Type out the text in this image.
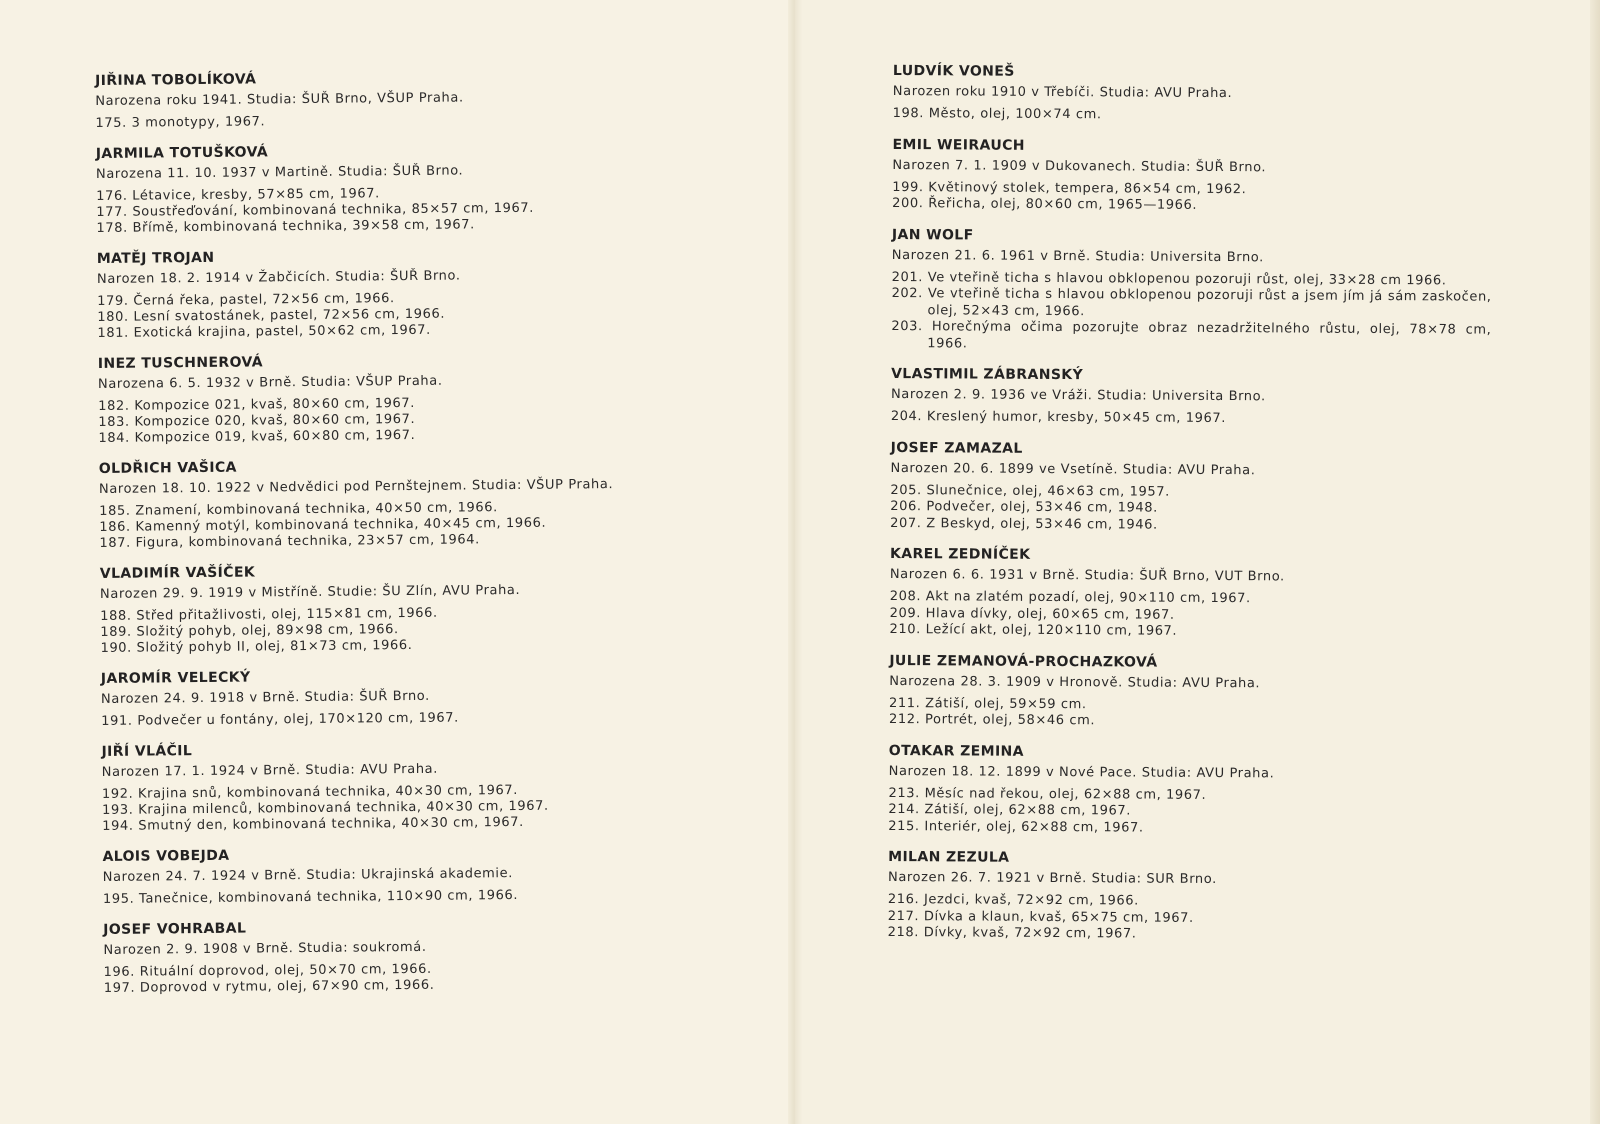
JIŘINA TOBOLÍKOVÁ
Narozena roku 1941. Studia: ŠUŘ Brno, VŠUP Praha.
175. 3 monotypy, 1967.
JARMILA TOTUŠKOVÁ
Narozena 11. 10. 1937 v Martině. Studia: ŠUŘ Brno.
176. Létavice, kresby, 57×85 cm, 1967.
177. Soustřeďování, kombinovaná technika, 85×57 cm, 1967.
178. Břímě, kombinovaná technika, 39×58 cm, 1967.
MATĚJ TROJAN
Narozen 18. 2. 1914 v Žabčicích. Studia: ŠUŘ Brno.
179. Černá řeka, pastel, 72×56 cm, 1966.
180. Lesní svatostánek, pastel, 72×56 cm, 1966.
181. Exotická krajina, pastel, 50×62 cm, 1967.
INEZ TUSCHNEROVÁ
Narozena 6. 5. 1932 v Brně. Studia: VŠUP Praha.
182. Kompozice 021, kvaš, 80×60 cm, 1967.
183. Kompozice 020, kvaš, 80×60 cm, 1967.
184. Kompozice 019, kvaš, 60×80 cm, 1967.
OLDŘICH VAŠICA
Narozen 18. 10. 1922 v Nedvědici pod Pernštejnem. Studia: VŠUP Praha.
185. Znamení, kombinovaná technika, 40×50 cm, 1966.
186. Kamenný motýl, kombinovaná technika, 40×45 cm, 1966.
187. Figura, kombinovaná technika, 23×57 cm, 1964.
VLADIMÍR VAŠÍČEK
Narozen 29. 9. 1919 v Mistříně. Studie: ŠU Zlín, AVU Praha.
188. Střed přitažlivosti, olej, 115×81 cm, 1966.
189. Složitý pohyb, olej, 89×98 cm, 1966.
190. Složitý pohyb II, olej, 81×73 cm, 1966.
JAROMÍR VELECKÝ
Narozen 24. 9. 1918 v Brně. Studia: ŠUŘ Brno.
191. Podvečer u fontány, olej, 170×120 cm, 1967.
JIŘÍ VLÁČIL
Narozen 17. 1. 1924 v Brně. Studia: AVU Praha.
192. Krajina snů, kombinovaná technika, 40×30 cm, 1967.
193. Krajina milenců, kombinovaná technika, 40×30 cm, 1967.
194. Smutný den, kombinovaná technika, 40×30 cm, 1967.
ALOIS VOBEJDA
Narozen 24. 7. 1924 v Brně. Studia: Ukrajinská akademie.
195. Tanečnice, kombinovaná technika, 110×90 cm, 1966.
JOSEF VOHRABAL
Narozen 2. 9. 1908 v Brně. Studia: soukromá.
196. Rituální doprovod, olej, 50×70 cm, 1966.
197. Doprovod v rytmu, olej, 67×90 cm, 1966.
LUDVÍK VONEŠ
Narozen roku 1910 v Třebíči. Studia: AVU Praha.
198. Město, olej, 100×74 cm.
EMIL WEIRAUCH
Narozen 7. 1. 1909 v Dukovanech. Studia: ŠUŘ Brno.
199. Květinový stolek, tempera, 86×54 cm, 1962.
200. Řeřicha, olej, 80×60 cm, 1965—1966.
JAN WOLF
Narozen 21. 6. 1961 v Brně. Studia: Universita Brno.
201. Ve vteřině ticha s hlavou obklopenou pozoruji růst, olej, 33×28 cm 1966.
202. Ve vteřině ticha s hlavou obklopenou pozoruji růst a jsem jím já sám zaskočen, olej, 52×43 cm, 1966.
203. Horečnýma očima pozorujte obraz nezadržitelného růstu, olej, 78×78 cm, 1966.
VLASTIMIL ZÁBRANSKÝ
Narozen 2. 9. 1936 ve Vráži. Studia: Universita Brno.
204. Kreslený humor, kresby, 50×45 cm, 1967.
JOSEF ZAMAZAL
Narozen 20. 6. 1899 ve Vsetíně. Studia: AVU Praha.
205. Slunečnice, olej, 46×63 cm, 1957.
206. Podvečer, olej, 53×46 cm, 1948.
207. Z Beskyd, olej, 53×46 cm, 1946.
KAREL ZEDNÍČEK
Narozen 6. 6. 1931 v Brně. Studia: ŠUŘ Brno, VUT Brno.
208. Akt na zlatém pozadí, olej, 90×110 cm, 1967.
209. Hlava dívky, olej, 60×65 cm, 1967.
210. Ležící akt, olej, 120×110 cm, 1967.
JULIE ZEMANOVÁ-PROCHAZKOVÁ
Narozena 28. 3. 1909 v Hronově. Studia: AVU Praha.
211. Zátiší, olej, 59×59 cm.
212. Portrét, olej, 58×46 cm.
OTAKAR ZEMINA
Narozen 18. 12. 1899 v Nové Pace. Studia: AVU Praha.
213. Měsíc nad řekou, olej, 62×88 cm, 1967.
214. Zátiší, olej, 62×88 cm, 1967.
215. Interiér, olej, 62×88 cm, 1967.
MILAN ZEZULA
Narozen 26. 7. 1921 v Brně. Studia: SUR Brno.
216. Jezdci, kvaš, 72×92 cm, 1966.
217. Dívka a klaun, kvaš, 65×75 cm, 1967.
218. Dívky, kvaš, 72×92 cm, 1967.
